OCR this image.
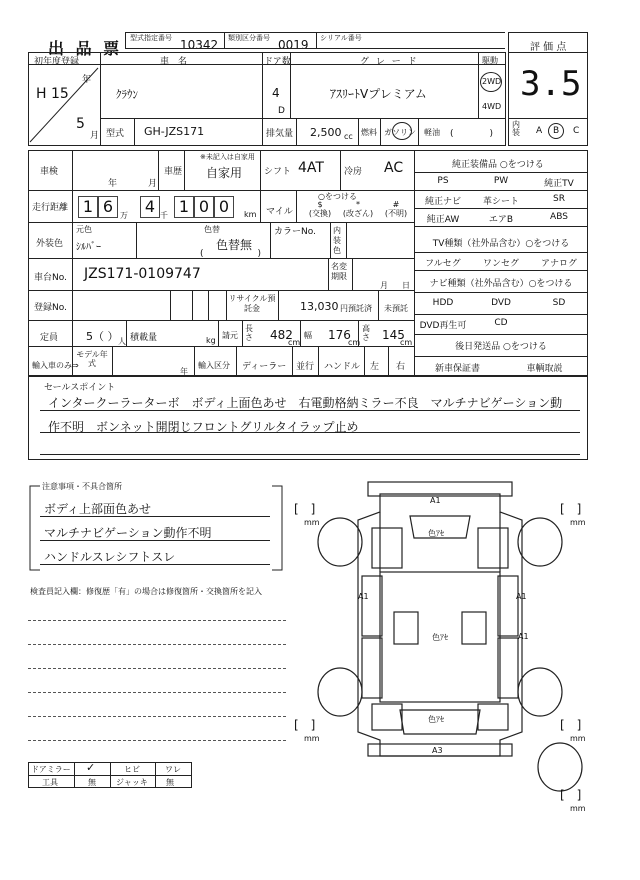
出 品 票
型式指定番号 10342 類別区分番号 0019 シリアル番号
評 価 点
3.5
内
装 A B C
初年度登録
年
H 15
5
月
車　名
ｸﾗｳﾝ
ドア数
4
D
グ レ ー ド
ｱｽﾘｰﾄVプレミアム
駆動
2WD
4WD
型式 GH-JZS171	排気量 2,500 cc 燃料 ガソリン 軽油 (　　　　)
車検
年	月
車歴
※未記入は自家用
自家用 シフト 4AT 冷房 AC
走行距離 1 6	4	1 0 0
万	千	km マイル
○をつける
$
(交換)
*
(改ざん)
#
(不明)
外装色
元色
ｼﾙﾊﾞｰ
色替
色替無
(　　　　　　)
カラーNo. 内装色
車台No. JZS171-0109747	名変期限
月 日
登録No.
リサイクル預託金	13,030 円預託済 未預託
定員	5（ ） 人 積載量	kg
請元
長さ 482
cm
幅 176
cm
高さ 145
cm
輸入車のみ⇒
モデル年式
年
輸入区分 ディーラー 並行 ハンドル 左 右
純正装備品 ○をつける
PS	PW	純正TV
純正ナビ	革シート	SR
純正AW	エアB	ABS
TV種類（社外品含む）○をつける
フルセグ	ワンセグ	アナログ
ナビ種類（社外品含む）○をつける
HDD	DVD	SD
DVD再生可	CD
後日発送品 ○をつける
新車保証書	車輌取説
セールスポイント
インタークーラーターボ　ボディ上面色あせ　右電動格納ミラー不良　マルチナビゲーション動
作不明　ボンネット開閉じフロントグリルタイラップ止め
注意事項・不具合箇所
ボディ上部面色あせ
マルチナビゲーション動作不明
ハンドルスレシフトスレ
検査員記入欄：修復歴「有」の場合は修復箇所・交換箇所を記入
A1
色ｱｾ
A1	A1
A1
色ｱｾ
色ｱｾ
A3
[　]
mm
[　]
mm
[　]
mm
[　]
mm
[　]
mm
ドアミラー ✓	ヒビ	ワレ
工具	無	ジャッキ 無
